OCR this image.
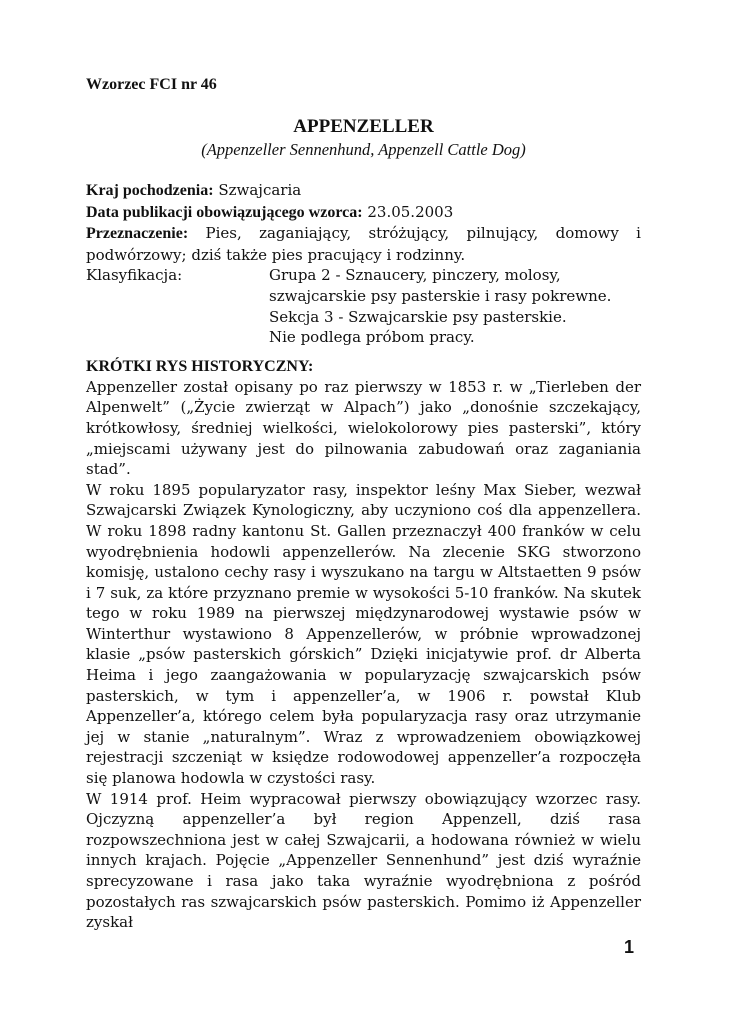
Wzorzec FCI nr 46

APPENZELLER

(Appenzeller Sennenhund, Appenzell Cattle Dog)

Kraj pochodzenia: Szwajcaria
Data publikacji obowiązującego wzorca: 23.05.2003
Przeznaczenie: Pies, zaganiający, stróżujący, pilnujący, domowy i podwórzowy; dziś także pies pracujący i rodzinny.
Klasyfikacja:	Grupa 2 - Sznaucery, pinczery, molosy,
szwajcarskie psy pasterskie i rasy pokrewne.
Sekcja 3 - Szwajcarskie psy pasterskie.
Nie podlega próbom pracy.
KRÓTKI RYS HISTORYCZNY:

Appenzeller został opisany po raz pierwszy w 1853 r. w „Tierleben der Alpenwelt” („Życie zwierząt w Alpach”) jako „donośnie szczekający, krótkowłosy, średniej wielkości, wielokolorowy pies pasterski”, który „miejscami używany jest do pilnowania zabudowań oraz zaganiania stad”.

W roku 1895 popularyzator rasy, inspektor leśny Max Sieber, wezwał Szwajcarski Związek Kynologiczny, aby uczyniono coś dla appenzellera. W roku 1898 radny kantonu St. Gallen przeznaczył 400 franków w celu wyodrębnienia hodowli appenzellerów. Na zlecenie SKG stworzono komisję, ustalono cechy rasy i wyszukano na targu w Altstaetten 9 psów i 7 suk, za które przyznano premie w wysokości 5-10 franków. Na skutek tego w roku 1989 na pierwszej międzynarodowej wystawie psów w Winterthur wystawiono 8 Appenzellerów, w próbnie wprowadzonej klasie „psów pasterskich górskich” Dzięki inicjatywie prof. dr Alberta Heima i jego zaangażowania w popularyzację szwajcarskich psów pasterskich, w tym i appenzeller’a, w 1906 r. powstał Klub Appenzeller’a, którego celem była popularyzacja rasy oraz utrzymanie jej w stanie „naturalnym”. Wraz z wprowadzeniem obowiązkowej rejestracji szczeniąt w księdze rodowodowej appenzeller’a rozpoczęła się planowa hodowla w czystości rasy.

W 1914 prof. Heim wypracował pierwszy obowiązujący wzorzec rasy. Ojczyzną appenzeller’a był region Appenzell, dziś rasa rozpowszechniona jest w całej Szwajcarii, a hodowana również w wielu innych krajach. Pojęcie „Appenzeller Sennenhund” jest dziś wyraźnie sprecyzowane i rasa jako taka wyraźnie wyodrębniona z pośród pozostałych ras szwajcarskich psów pasterskich. Pomimo iż Appenzeller zyskał

1
